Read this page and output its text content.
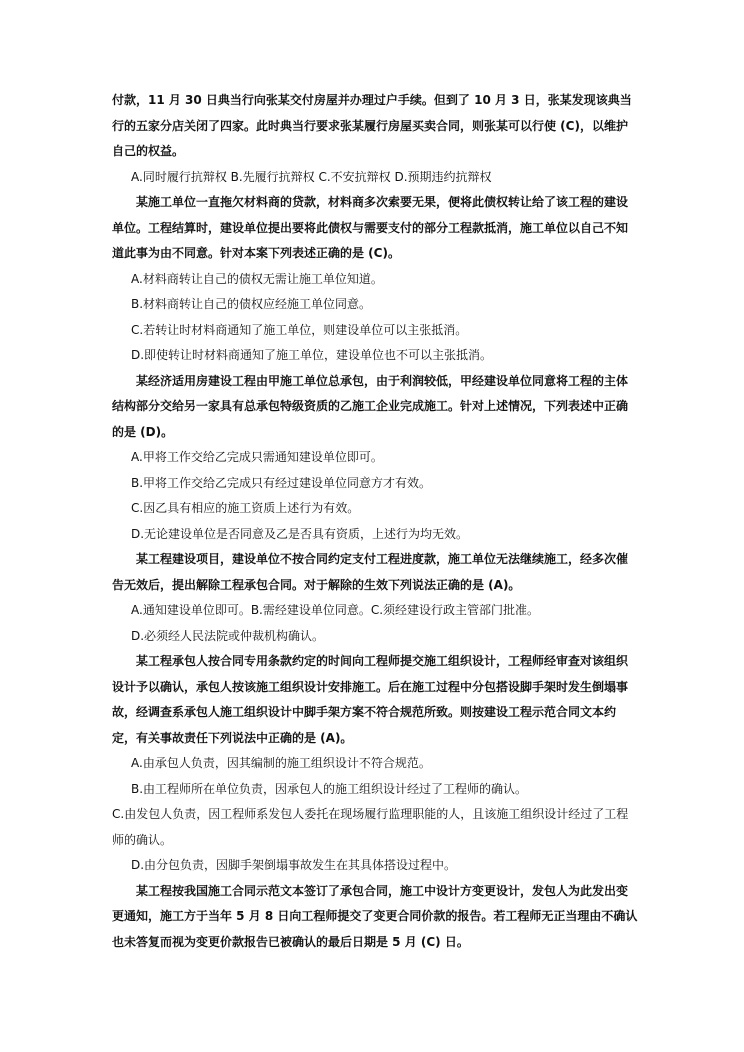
付款，11 月 30 日典当行向张某交付房屋并办理过户手续。但到了 10 月 3 日，张某发现该典当行的五家分店关闭了四家。此时典当行要求张某履行房屋买卖合同，则张某可以行使 (C)，以维护自己的权益。

A.同时履行抗辩权 B.先履行抗辩权 C.不安抗辩权 D.预期违约抗辩权

某施工单位一直拖欠材料商的贷款，材料商多次索要无果，便将此债权转让给了该工程的建设单位。工程结算时，建设单位提出要将此债权与需要支付的部分工程款抵消，施工单位以自己不知道此事为由不同意。针对本案下列表述正确的是 (C)。

A.材料商转让自己的债权无需让施工单位知道。

B.材料商转让自己的债权应经施工单位同意。

C.若转让时材料商通知了施工单位，则建设单位可以主张抵消。

D.即使转让时材料商通知了施工单位，建设单位也不可以主张抵消。

某经济适用房建设工程由甲施工单位总承包，由于利润较低，甲经建设单位同意将工程的主体结构部分交给另一家具有总承包特级资质的乙施工企业完成施工。针对上述情况，下列表述中正确的是 (D)。

A.甲将工作交给乙完成只需通知建设单位即可。

B.甲将工作交给乙完成只有经过建设单位同意方才有效。

C.因乙具有相应的施工资质上述行为有效。

D.无论建设单位是否同意及乙是否具有资质，上述行为均无效。

某工程建设项目，建设单位不按合同约定支付工程进度款，施工单位无法继续施工，经多次催告无效后，提出解除工程承包合同。对于解除的生效下列说法正确的是 (A)。

A.通知建设单位即可。B.需经建设单位同意。C.须经建设行政主管部门批准。

D.必须经人民法院或仲裁机构确认。

某工程承包人按合同专用条款约定的时间向工程师提交施工组织设计，工程师经审查对该组织设计予以确认，承包人按该施工组织设计安排施工。后在施工过程中分包搭设脚手架时发生倒塌事故，经调查系承包人施工组织设计中脚手架方案不符合规范所致。则按建设工程示范合同文本约定，有关事故责任下列说法中正确的是 (A)。

A.由承包人负责，因其编制的施工组织设计不符合规范。

B.由工程师所在单位负责，因承包人的施工组织设计经过了工程师的确认。

C.由发包人负责，因工程师系发包人委托在现场履行监理职能的人，且该施工组织设计经过了工程师的确认。

D.由分包负责，因脚手架倒塌事故发生在其具体搭设过程中。

某工程按我国施工合同示范文本签订了承包合同，施工中设计方变更设计，发包人为此发出变更通知，施工方于当年 5 月 8 日向工程师提交了变更合同价款的报告。若工程师无正当理由不确认也未答复而视为变更价款报告已被确认的最后日期是 5 月 (C) 日。
